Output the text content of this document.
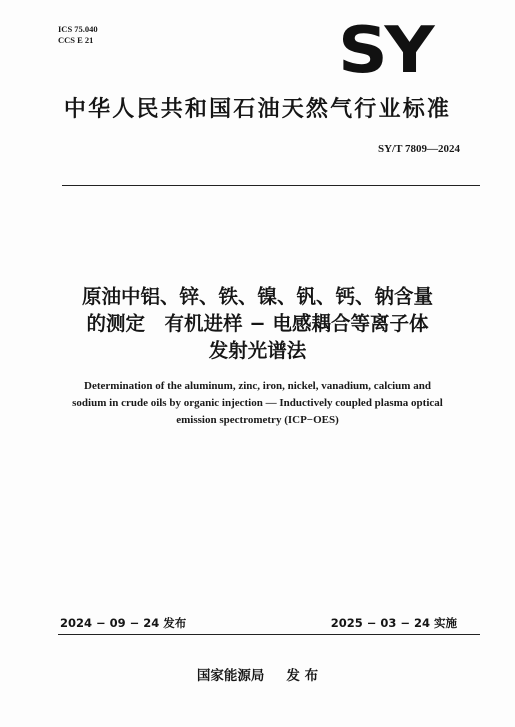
ICS 75.040
CCS E 21	SY
中华人民共和国石油天然气行业标准
SY/T 7809—2024
原油中铝、锌、铁、镍、钒、钙、钠含量
的测定　有机进样 − 电感耦合等离子体
发射光谱法
Determination of the aluminum, zinc, iron, nickel, vanadium, calcium and
sodium in crude oils by organic injection — Inductively coupled plasma optical
emission spectrometry (ICP−OES)
2024 − 09 − 24 发布	2025 − 03 − 24 实施
国家能源局 发 布
